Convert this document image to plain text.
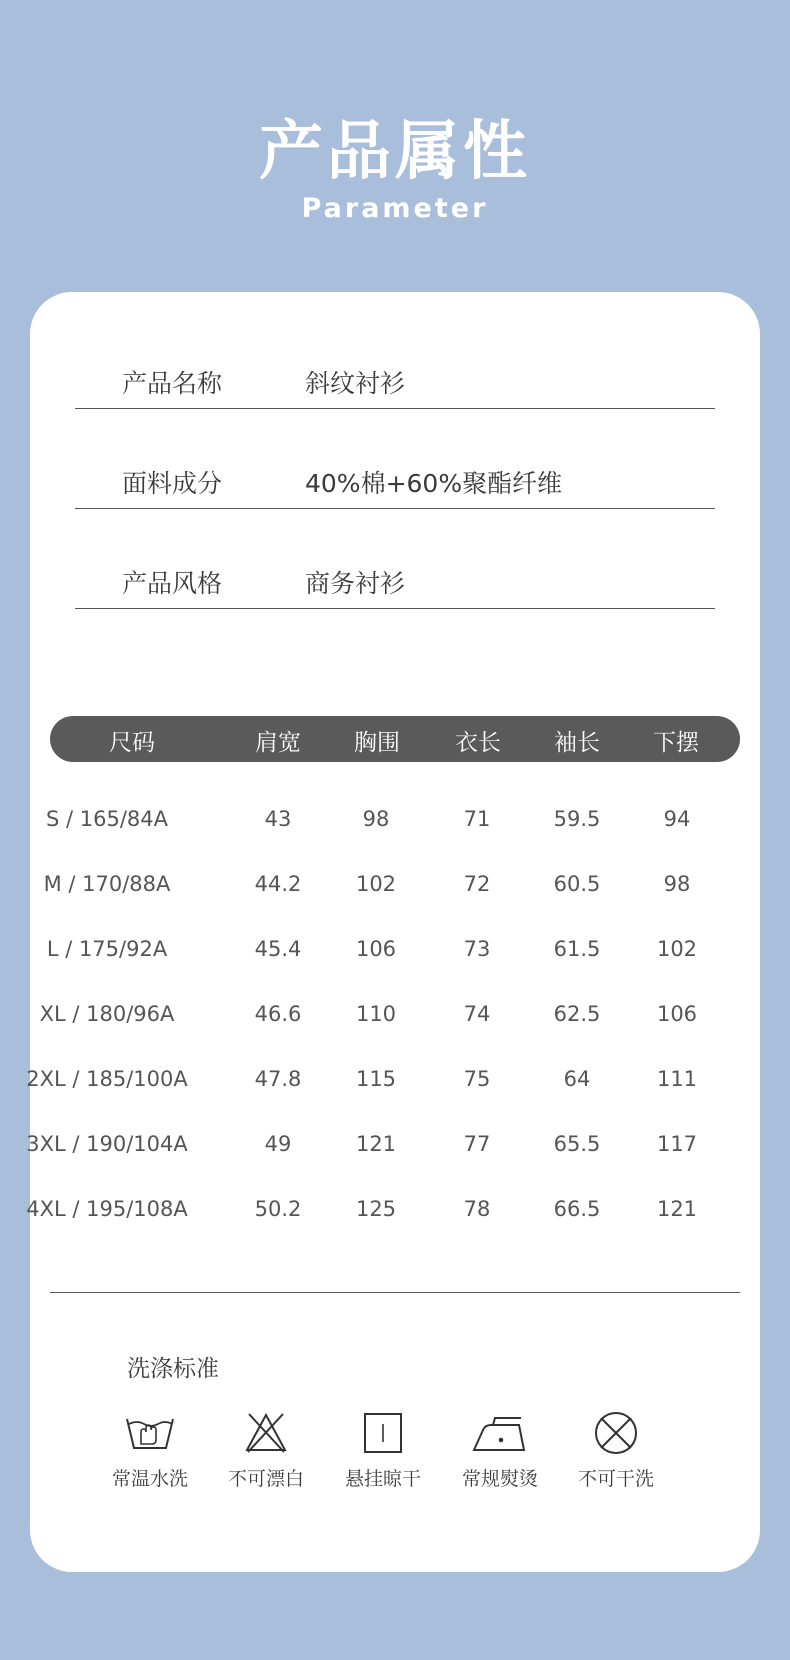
产品属性
Parameter
产品名称	斜纹衬衫
面料成分	40%棉+60%聚酯纤维
产品风格	商务衬衫
尺码	肩宽 胸围 衣长 袖长 下摆
S / 165/84A	43	98	71	59.5	94
M / 170/88A	44.2	102	72	60.5	98
L / 175/92A	45.4	106	73	61.5	102
XL / 180/96A	46.6	110	74	62.5	106
2XL / 185/100A	47.8	115	75	64	111
3XL / 190/104A	49	121	77	65.5	117
4XL / 195/108A	50.2	125	78	66.5	121
洗涤标准
常温水洗	不可漂白	悬挂晾干	常规熨烫	不可干洗
